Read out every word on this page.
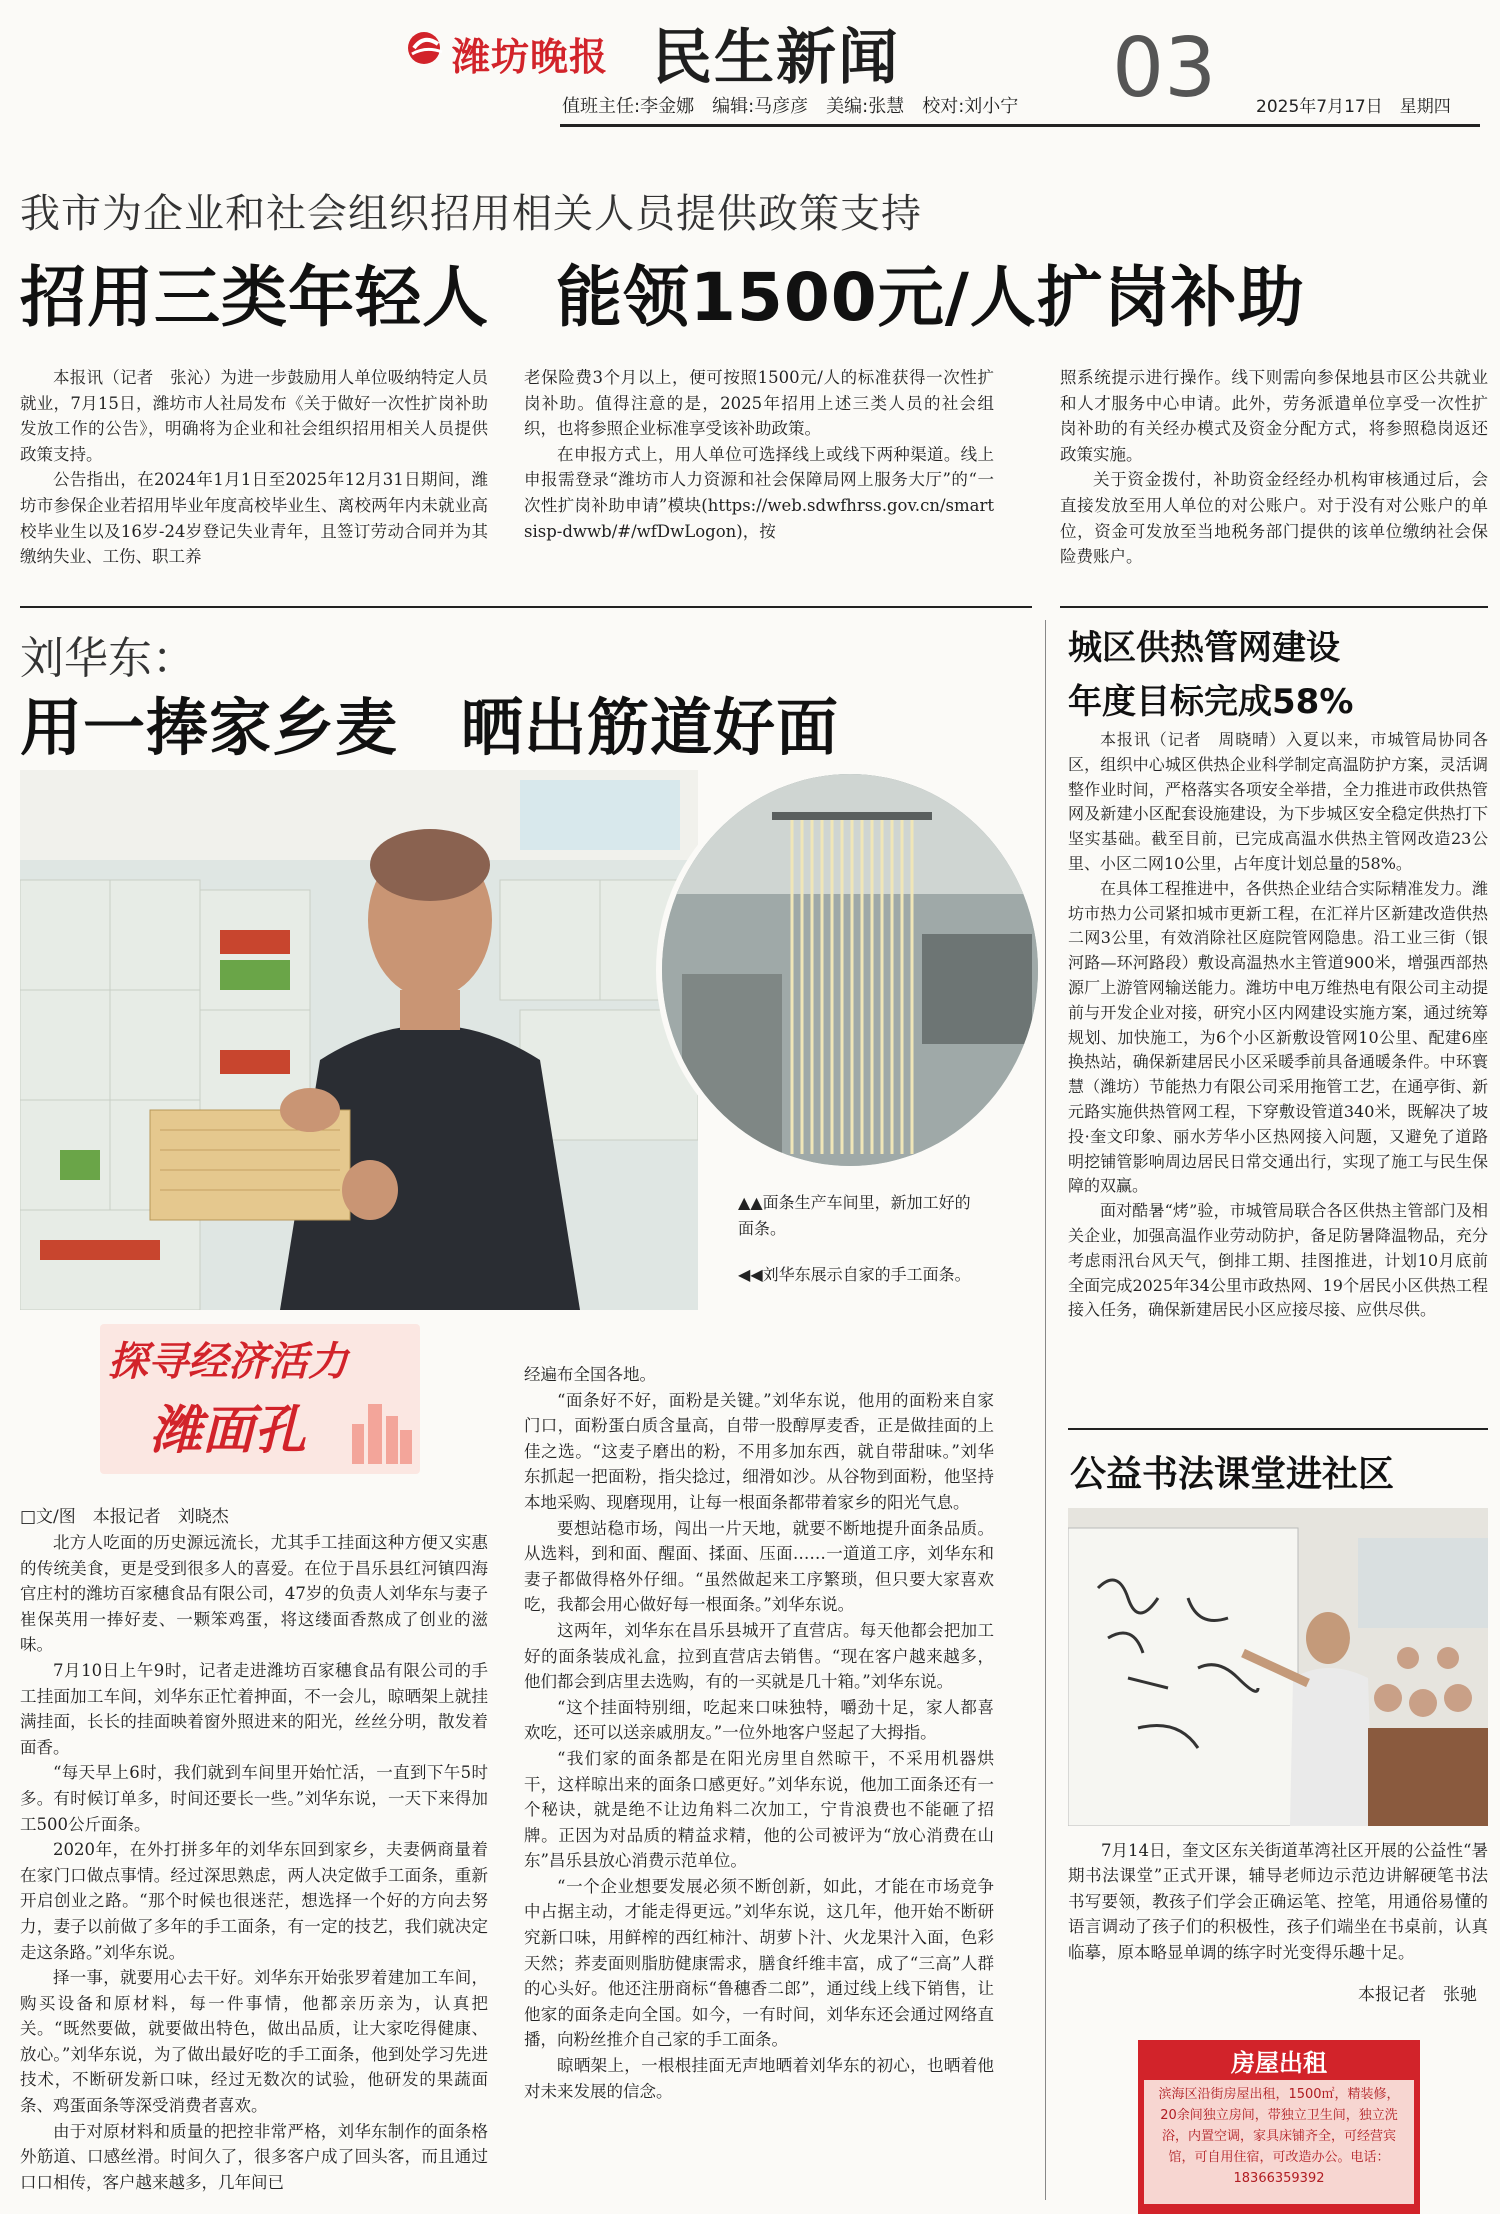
潍坊晚报 民生新闻	03 2025年7月17日　星期四
值班主任:李金娜　编辑:马彦彦　美编:张慧　校对:刘小宁
我市为企业和社会组织招用相关人员提供政策支持
招用三类年轻人　能领1500元/人扩岗补助

本报讯（记者　张沁）为进一步鼓励用人单位吸纳特定人员就业，7月15日，潍坊市人社局发布《关于做好一次性扩岗补助发放工作的公告》，明确将为企业和社会组织招用相关人员提供政策支持。

公告指出，在2024年1月1日至2025年12月31日期间，潍坊市参保企业若招用毕业年度高校毕业生、离校两年内未就业高校毕业生以及16岁-24岁登记失业青年，且签订劳动合同并为其缴纳失业、工伤、职工养

老保险费3个月以上，便可按照1500元/人的标准获得一次性扩岗补助。值得注意的是，2025年招用上述三类人员的社会组织，也将参照企业标准享受该补助政策。

在申报方式上，用人单位可选择线上或线下两种渠道。线上申报需登录“潍坊市人力资源和社会保障局网上服务大厅”的“一次性扩岗补助申请”模块(https://web.sdwfhrss.gov.cn/smartsisp-dwwb/#/wfDwLogon)，按

照系统提示进行操作。线下则需向参保地县市区公共就业和人才服务中心申请。此外，劳务派遣单位享受一次性扩岗补助的有关经办模式及资金分配方式，将参照稳岗返还政策实施。

关于资金拨付，补助资金经经办机构审核通过后，会直接发放至用人单位的对公账户。对于没有对公账户的单位，资金可发放至当地税务部门提供的该单位缴纳社会保险费账户。

刘华东：
用一捧家乡麦　晒出筋道好面
▲▲面条生产车间里，新加工好的面条。
◀◀刘华东展示自家的手工面条。
探寻经济活力
潍面孔
□文/图　本报记者　刘晓杰

北方人吃面的历史源远流长，尤其手工挂面这种方便又实惠的传统美食，更是受到很多人的喜爱。在位于昌乐县红河镇四海官庄村的潍坊百家穗食品有限公司，47岁的负责人刘华东与妻子崔保英用一捧好麦、一颗笨鸡蛋，将这缕面香熬成了创业的滋味。

7月10日上午9时，记者走进潍坊百家穗食品有限公司的手工挂面加工车间，刘华东正忙着抻面，不一会儿，晾晒架上就挂满挂面，长长的挂面映着窗外照进来的阳光，丝丝分明，散发着面香。

“每天早上6时，我们就到车间里开始忙活，一直到下午5时多。有时候订单多，时间还要长一些。”刘华东说，一天下来得加工500公斤面条。

2020年，在外打拼多年的刘华东回到家乡，夫妻俩商量着在家门口做点事情。经过深思熟虑，两人决定做手工面条，重新开启创业之路。“那个时候也很迷茫，想选择一个好的方向去努力，妻子以前做了多年的手工面条，有一定的技艺，我们就决定走这条路。”刘华东说。

择一事，就要用心去干好。刘华东开始张罗着建加工车间，购买设备和原材料，每一件事情，他都亲历亲为，认真把关。“既然要做，就要做出特色，做出品质，让大家吃得健康、放心。”刘华东说，为了做出最好吃的手工面条，他到处学习先进技术，不断研发新口味，经过无数次的试验，他研发的果蔬面条、鸡蛋面条等深受消费者喜欢。

由于对原材料和质量的把控非常严格，刘华东制作的面条格外筋道、口感丝滑。时间久了，很多客户成了回头客，而且通过口口相传，客户越来越多，几年间已

经遍布全国各地。

“面条好不好，面粉是关键。”刘华东说，他用的面粉来自家门口，面粉蛋白质含量高，自带一股醇厚麦香，正是做挂面的上佳之选。“这麦子磨出的粉，不用多加东西，就自带甜味。”刘华东抓起一把面粉，指尖捻过，细滑如沙。从谷物到面粉，他坚持本地采购、现磨现用，让每一根面条都带着家乡的阳光气息。

要想站稳市场，闯出一片天地，就要不断地提升面条品质。从选料，到和面、醒面、揉面、压面……一道道工序，刘华东和妻子都做得格外仔细。“虽然做起来工序繁琐，但只要大家喜欢吃，我都会用心做好每一根面条。”刘华东说。

这两年，刘华东在昌乐县城开了直营店。每天他都会把加工好的面条装成礼盒，拉到直营店去销售。“现在客户越来越多，他们都会到店里去选购，有的一买就是几十箱。”刘华东说。

“这个挂面特别细，吃起来口味独特，嚼劲十足，家人都喜欢吃，还可以送亲戚朋友。”一位外地客户竖起了大拇指。

“我们家的面条都是在阳光房里自然晾干，不采用机器烘干，这样晾出来的面条口感更好。”刘华东说，他加工面条还有一个秘诀，就是绝不让边角料二次加工，宁肯浪费也不能砸了招牌。正因为对品质的精益求精，他的公司被评为“放心消费在山东”昌乐县放心消费示范单位。

“一个企业想要发展必须不断创新，如此，才能在市场竞争中占据主动，才能走得更远。”刘华东说，这几年，他开始不断研究新口味，用鲜榨的西红柿汁、胡萝卜汁、火龙果汁入面，色彩天然；荞麦面则脂肪健康需求，膳食纤维丰富，成了“三高”人群的心头好。他还注册商标“鲁穗香二郎”，通过线上线下销售，让他家的面条走向全国。如今，一有时间，刘华东还会通过网络直播，向粉丝推介自己家的手工面条。

晾晒架上，一根根挂面无声地晒着刘华东的初心，也晒着他对未来发展的信念。

城区供热管网建设
年度目标完成58%

本报讯（记者　周晓晴）入夏以来，市城管局协同各区，组织中心城区供热企业科学制定高温防护方案，灵活调整作业时间，严格落实各项安全举措，全力推进市政供热管网及新建小区配套设施建设，为下步城区安全稳定供热打下坚实基础。截至目前，已完成高温水供热主管网改造23公里、小区二网10公里，占年度计划总量的58%。

在具体工程推进中，各供热企业结合实际精准发力。潍坊市热力公司紧扣城市更新工程，在汇祥片区新建改造供热二网3公里，有效消除社区庭院管网隐患。沿工业三街（银河路—环河路段）敷设高温热水主管道900米，增强西部热源厂上游管网输送能力。潍坊中电万维热电有限公司主动提前与开发企业对接，研究小区内网建设实施方案，通过统筹规划、加快施工，为6个小区新敷设管网10公里、配建6座换热站，确保新建居民小区采暖季前具备通暖条件。中环寰慧（潍坊）节能热力有限公司采用拖管工艺，在通亭街、新元路实施供热管网工程，下穿敷设管道340米，既解决了坡投·奎文印象、丽水芳华小区热网接入问题，又避免了道路明挖铺管影响周边居民日常交通出行，实现了施工与民生保障的双赢。

面对酷暑“烤”验，市城管局联合各区供热主管部门及相关企业，加强高温作业劳动防护，备足防暑降温物品，充分考虑雨汛台风天气，倒排工期、挂图推进，计划10月底前全面完成2025年34公里市政热网、19个居民小区供热工程接入任务，确保新建居民小区应接尽接、应供尽供。

公益书法课堂进社区

7月14日，奎文区东关街道革湾社区开展的公益性“暑期书法课堂”正式开课，辅导老师边示范边讲解硬笔书法书写要领，教孩子们学会正确运笔、控笔，用通俗易懂的语言调动了孩子们的积极性，孩子们端坐在书桌前，认真临摹，原本略显单调的练字时光变得乐趣十足。

本报记者　张驰
房屋出租
滨海区沿街房屋出租，1500㎡，精装修，20余间独立房间，带独立卫生间，独立洗浴，内置空调，家具床铺齐全，可经营宾馆，可自用住宿，可改造办公。电话：18366359392
